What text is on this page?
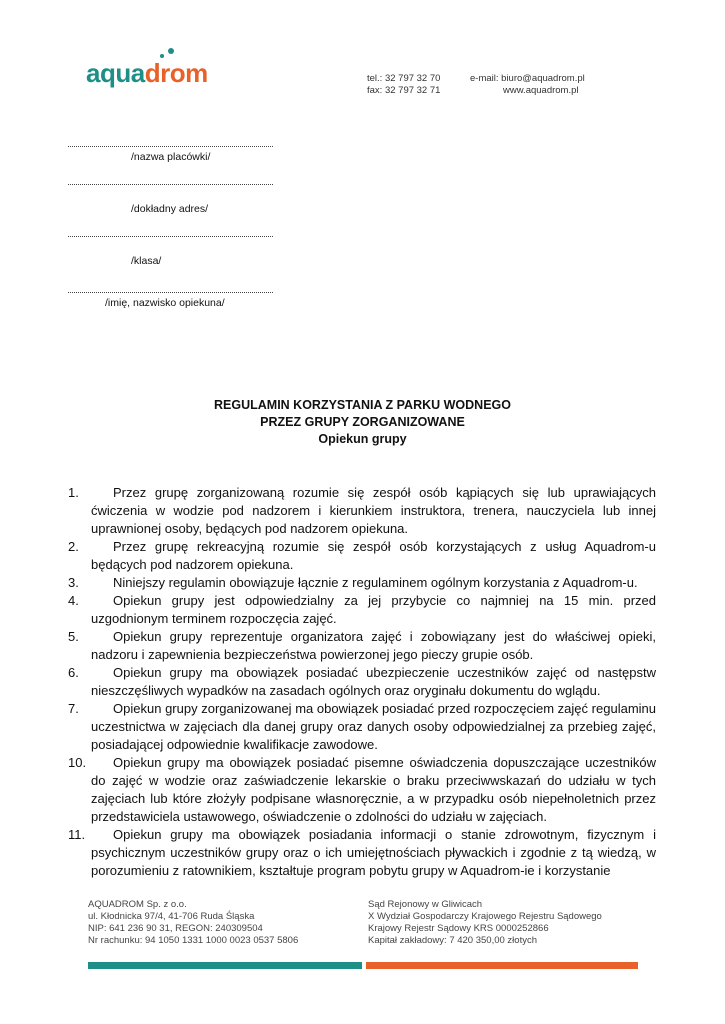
aquadrom	tel.: 32 797 32 70
fax: 32 797 32 71
e-mail: biuro@aquadrom.pl
www.aquadrom.pl
/nazwa placówki/
/dokładny adres/
/klasa/
/imię, nazwisko opiekuna/
REGULAMIN KORZYSTANIA Z PARKU WODNEGO
PRZEZ GRUPY ZORGANIZOWANE
Opiekun grupy
1.	Przez grupę zorganizowaną rozumie się zespół osób kąpiących się lub uprawiających ćwiczenia w wodzie pod nadzorem i kierunkiem instruktora, trenera, nauczyciela lub innej uprawnionej osoby, będących pod nadzorem opiekuna.
2.	Przez grupę rekreacyjną rozumie się zespół osób korzystających z usług Aquadrom-u będących pod nadzorem opiekuna.
3.	Niniejszy regulamin obowiązuje łącznie z regulaminem ogólnym korzystania z Aquadrom-u.
4.	Opiekun grupy jest odpowiedzialny za jej przybycie co najmniej na 15 min. przed uzgodnionym terminem rozpoczęcia zajęć.
5.	Opiekun grupy reprezentuje organizatora zajęć i zobowiązany jest do właściwej opieki, nadzoru i zapewnienia bezpieczeństwa powierzonej jego pieczy grupie osób.
6.	Opiekun grupy ma obowiązek posiadać ubezpieczenie uczestników zajęć od następstw nieszczęśliwych wypadków na zasadach ogólnych oraz oryginału dokumentu do wglądu.
7.	Opiekun grupy zorganizowanej ma obowiązek posiadać przed rozpoczęciem zajęć regulaminu uczestnictwa w zajęciach dla danej grupy oraz danych osoby odpowiedzialnej za przebieg zajęć, posiadającej odpowiednie kwalifikacje zawodowe.
10.	Opiekun grupy ma obowiązek posiadać pisemne oświadczenia dopuszczające uczestników do zajęć w wodzie oraz zaświadczenie lekarskie o braku przeciwwskazań do udziału w tych zajęciach lub które złożyły podpisane własnoręcznie, a w przypadku osób niepełnoletnich przez przedstawiciela ustawowego, oświadczenie o zdolności do udziału w zajęciach.
11.	Opiekun grupy ma obowiązek posiadania informacji o stanie zdrowotnym, fizycznym i psychicznym uczestników grupy oraz o ich umiejętnościach pływackich i zgodnie z tą wiedzą, w porozumieniu z ratownikiem, kształtuje program pobytu grupy w Aquadrom-ie i korzystanie
AQUADROM Sp. z o.o.
ul. Kłodnicka 97/4, 41-706 Ruda Śląska
NIP: 641 236 90 31, REGON: 240309504
Nr rachunku: 94 1050 1331 1000 0023 0537 5806
Sąd Rejonowy w Gliwicach
X Wydział Gospodarczy Krajowego Rejestru Sądowego
Krajowy Rejestr Sądowy KRS 0000252866
Kapitał zakładowy: 7 420 350,00 złotych
